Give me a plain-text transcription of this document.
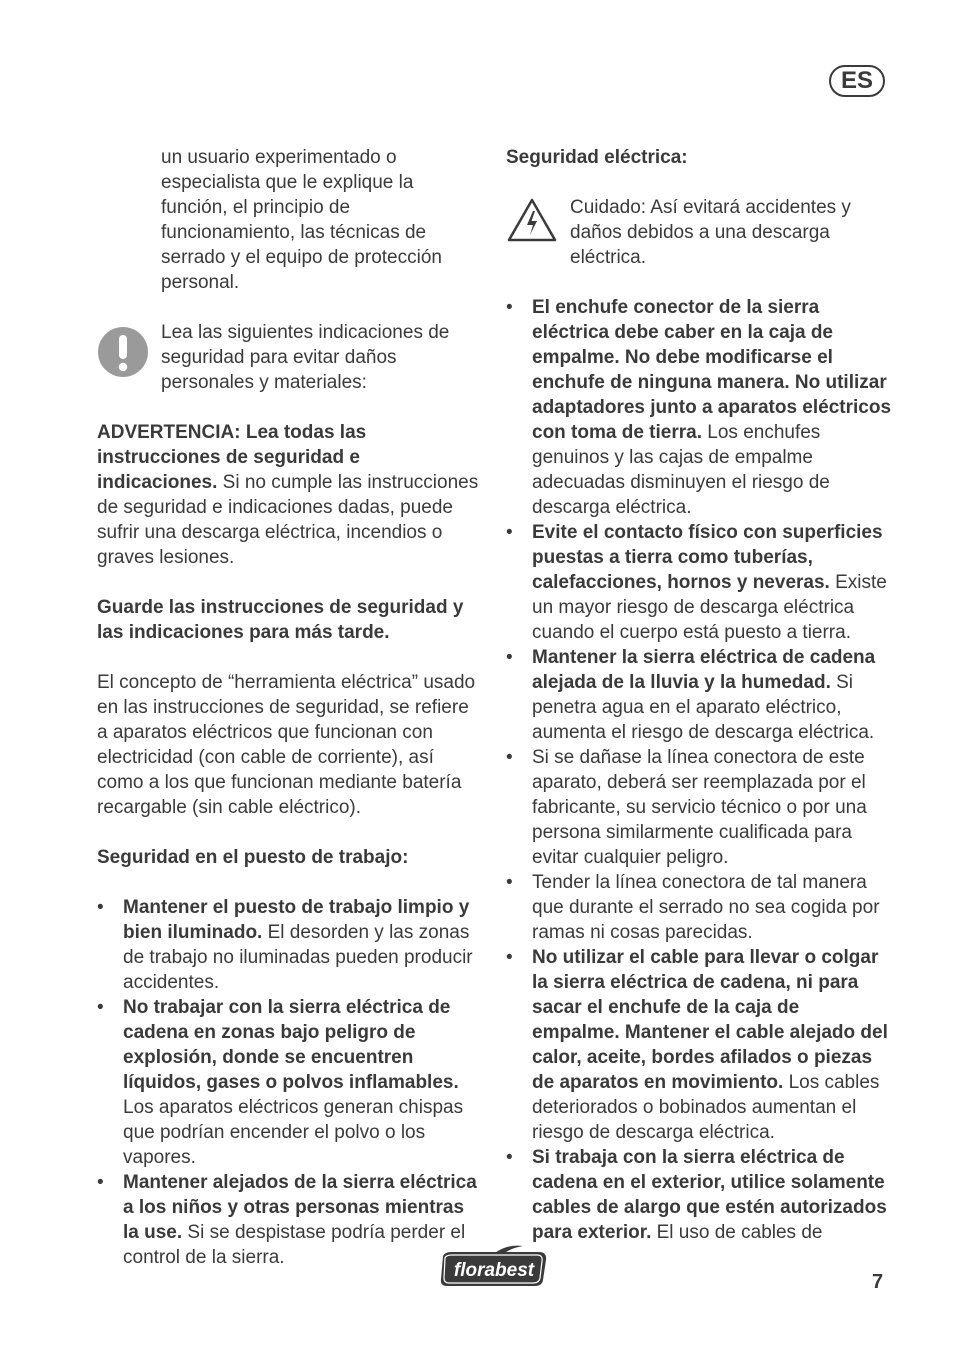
ES

un usuario experimentado o especialista que le explique la función, el principio de funcionamiento, las técnicas de serrado y el equipo de protección personal.

Lea las siguientes indicaciones de seguridad para evitar daños personales y materiales:

ADVERTENCIA: Lea todas las instrucciones de seguridad e indicaciones. Si no cumple las instrucciones de seguridad e indicaciones dadas, puede sufrir una descarga eléctrica, incendios o graves lesiones.

Guarde las instrucciones de seguridad y las indicaciones para más tarde.

El concepto de “herramienta eléctrica” usado en las instrucciones de seguridad, se refiere a aparatos eléctricos que funcionan con electricidad (con cable de corriente), así como a los que funcionan mediante batería recargable (sin cable eléctrico).

Seguridad en el puesto de trabajo:

• Mantener el puesto de trabajo limpio y bien iluminado. El desorden y las zonas de trabajo no iluminadas pueden producir accidentes.
• No trabajar con la sierra eléctrica de cadena en zonas bajo peligro de explosión, donde se encuentren líquidos, gases o polvos inflamables. Los aparatos eléctricos generan chispas que podrían encender el polvo o los vapores.
• Mantener alejados de la sierra eléctrica a los niños y otras personas mientras la use. Si se despistase podría perder el control de la sierra.

Seguridad eléctrica:

Cuidado: Así evitará accidentes y daños debidos a una descarga eléctrica.

• El enchufe conector de la sierra eléctrica debe caber en la caja de empalme. No debe modificarse el enchufe de ninguna manera. No utilizar adaptadores junto a aparatos eléctricos con toma de tierra. Los enchufes genuinos y las cajas de empalme adecuadas disminuyen el riesgo de descarga eléctrica.
• Evite el contacto físico con superficies puestas a tierra como tuberías, calefacciones, hornos y neveras. Existe un mayor riesgo de descarga eléctrica cuando el cuerpo está puesto a tierra.
• Mantener la sierra eléctrica de cadena alejada de la lluvia y la humedad. Si penetra agua en el aparato eléctrico, aumenta el riesgo de descarga eléctrica.
• Si se dañase la línea conectora de este aparato, deberá ser reemplazada por el fabricante, su servicio técnico o por una persona similarmente cualificada para evitar cualquier peligro.
• Tender la línea conectora de tal manera que durante el serrado no sea cogida por ramas ni cosas parecidas.
• No utilizar el cable para llevar o colgar la sierra eléctrica de cadena, ni para sacar el enchufe de la caja de empalme. Mantener el cable alejado del calor, aceite, bordes afilados o piezas de aparatos en movimiento. Los cables deteriorados o bobinados aumentan el riesgo de descarga eléctrica.
• Si trabaja con la sierra eléctrica de cadena en el exterior, utilice solamente cables de alargo que estén autorizados para exterior. El uso de cables de
florabest
7
